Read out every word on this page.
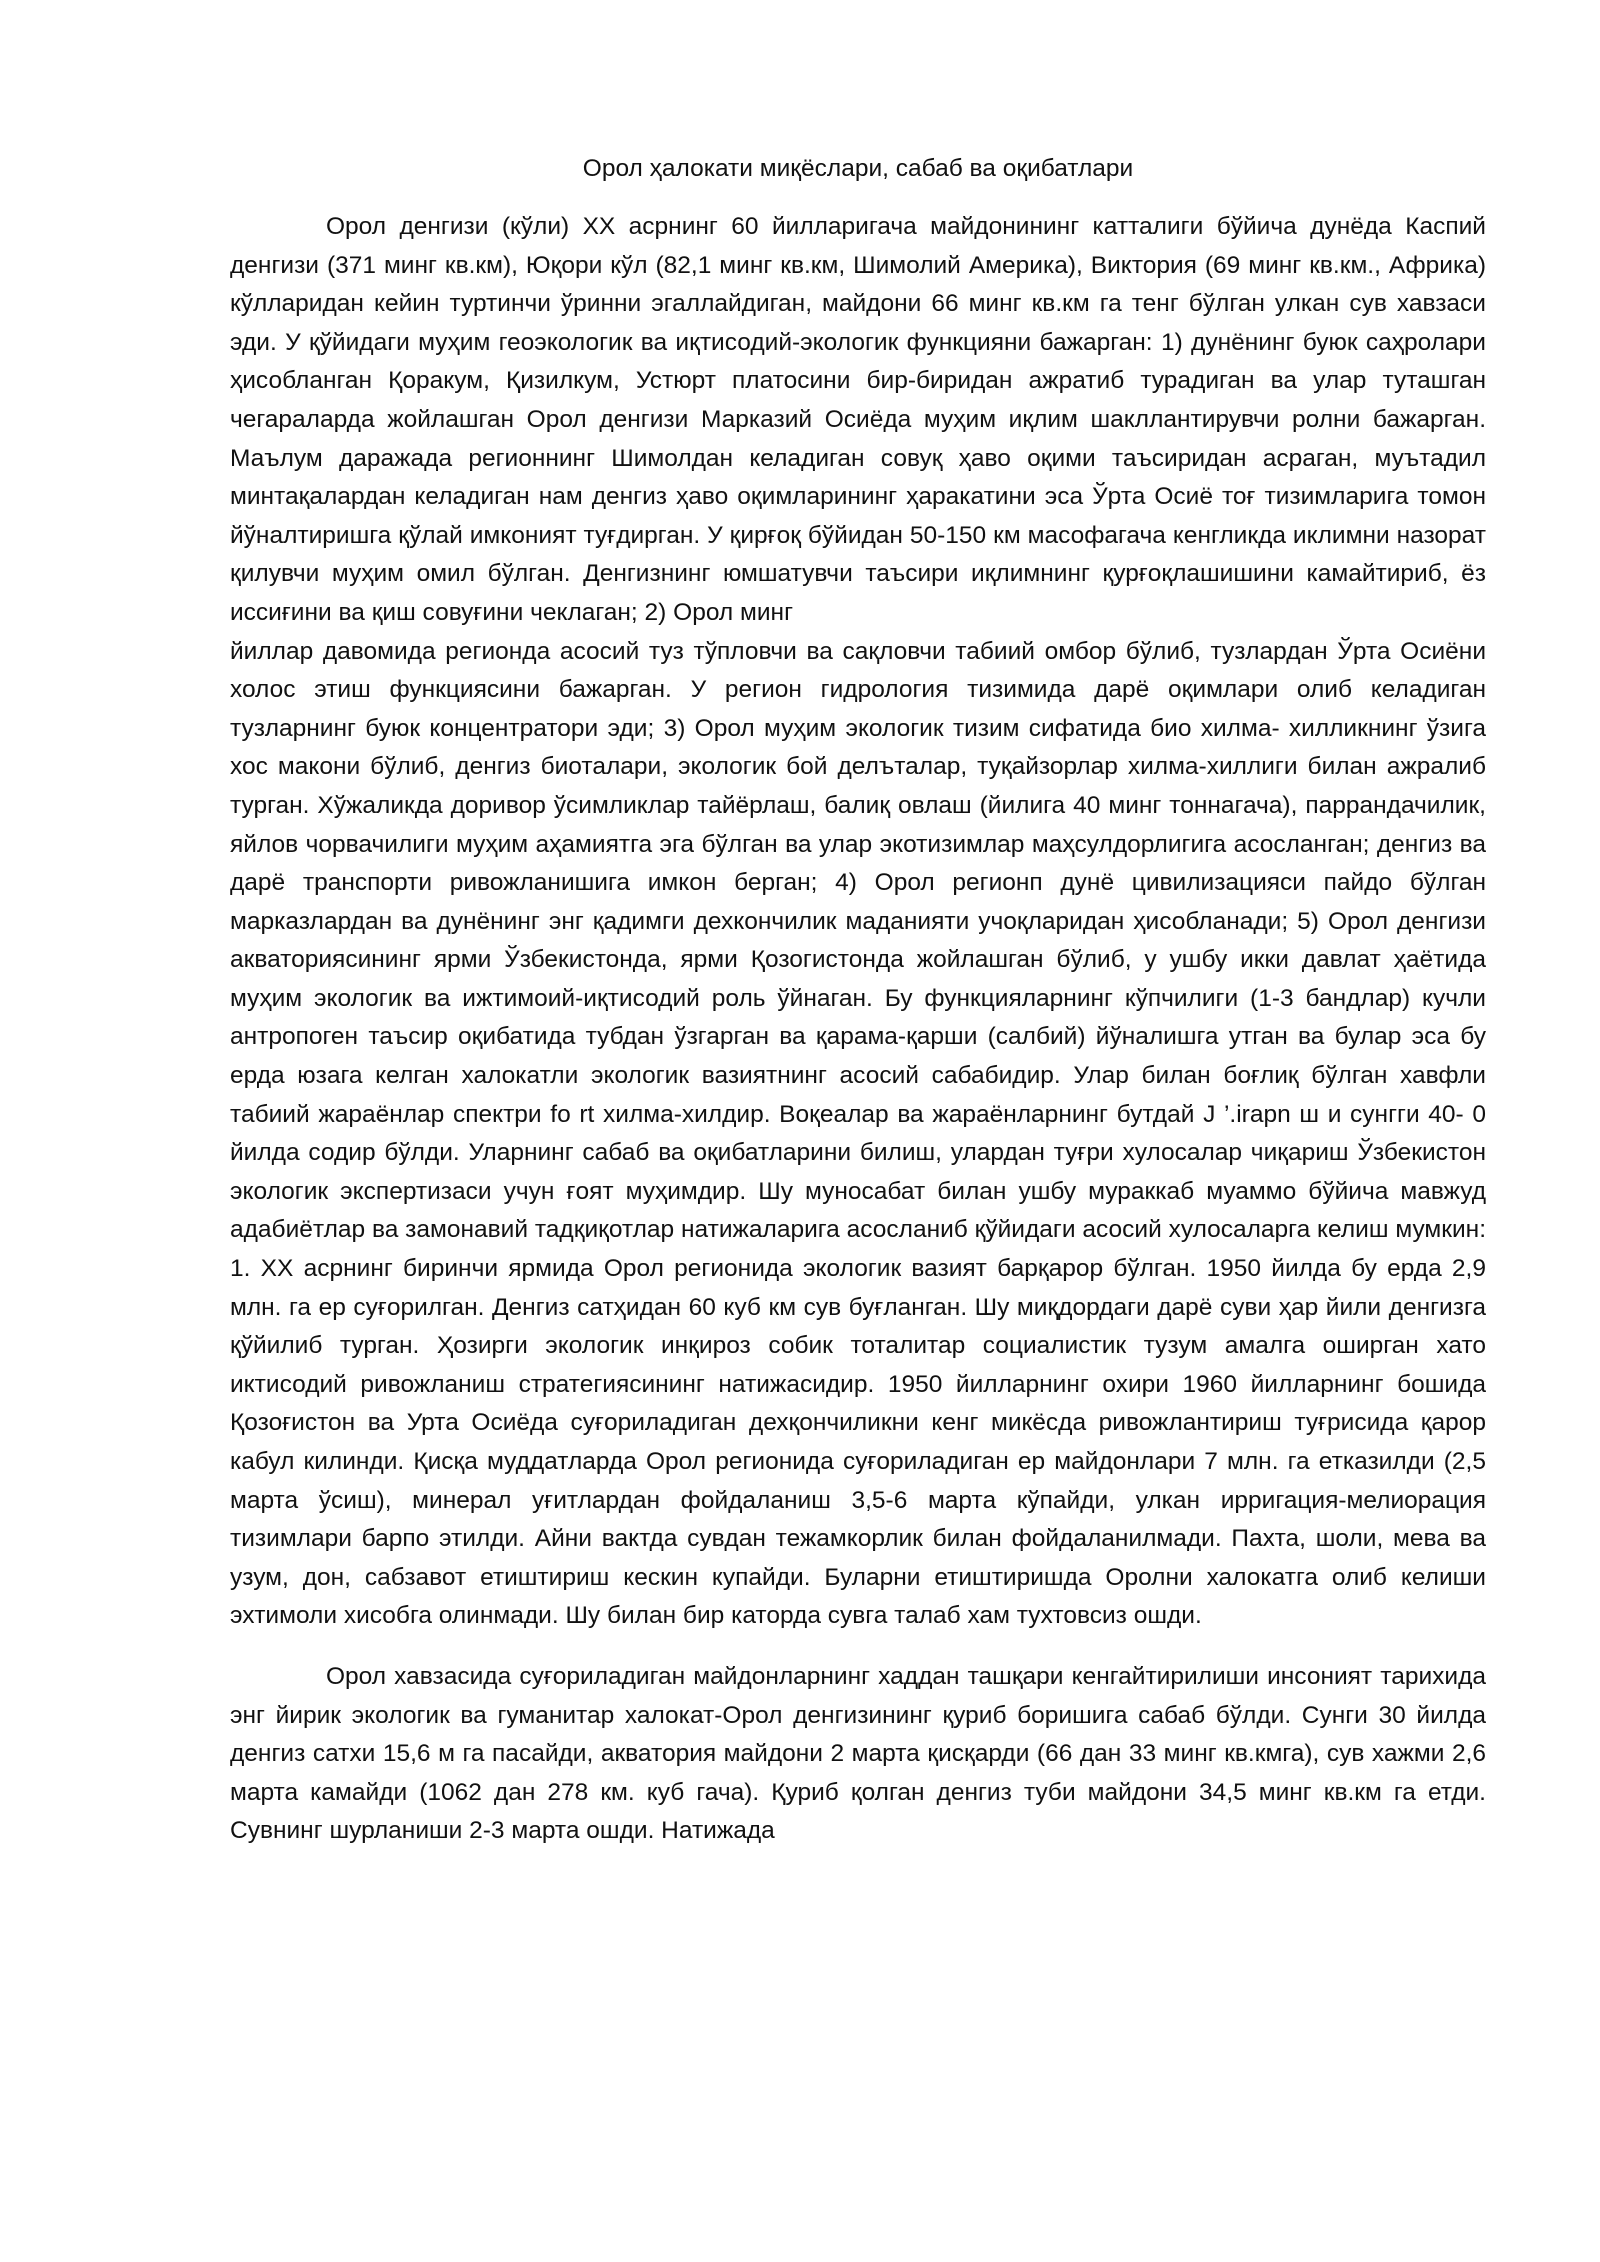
Орол ҳалокати миқёслари, сабаб ва оқибатлари

Орол денгизи (кўли) XX асрнинг 60 йилларигача майдонининг катталиги бўйича дунёда Каспий денгизи (371 минг кв.км), Юқори кўл (82,1 минг кв.км, Шимолий Америка), Виктория (69 минг кв.км., Африка) кўлларидан кейин туртинчи ўринни эгаллайдиган, майдони 66 минг кв.км га тенг бўлган улкан сув хавзаси эди. У қўйидаги муҳим геоэкологик ва иқтисодий-экологик функцияни бажарган: 1) дунёнинг буюк саҳролари ҳисобланган Қоракум, Қизилкум, Устюрт платосини бир-биридан ажратиб турадиган ва улар туташган чегараларда жойлашган Орол денгизи Марказий Осиёда муҳим иқлим шакллантирувчи ролни бажарган. Маълум даражада регионнинг Шимолдан келадиган совуқ ҳаво оқими таъсиридан асраган, муътадил минтақалардан келадиган нам денгиз ҳаво оқимларининг ҳаракатини эса Ўрта Осиё тоғ тизимларига томон йўналтиришга қўлай имконият туғдирган. У қирғоқ бўйидан 50-150 км масофагача кенгликда иклимни назорат қилувчи муҳим омил бўлган. Денгизнинг юмшатувчи таъсири иқлимнинг қурғоқлашишини камайтириб, ёз иссиғини ва қиш совуғини чеклаган; 2) Орол минг

йиллар давомида регионда асосий туз тўпловчи ва сақловчи табиий омбор бўлиб, тузлардан Ўрта Осиёни холос этиш функциясини бажарган. У регион гидрология тизимида дарё оқимлари олиб келадиган тузларнинг буюк концентратори эди; 3) Орол муҳим экологик тизим сифатида био хилма- хилликнинг ўзига хос макони бўлиб, денгиз биоталари, экологик бой делъталар, туқайзорлар хилма-хиллиги билан ажралиб турган. Хўжаликда доривор ўсимликлар тайёрлаш, балиқ овлаш (йилига 40 минг тоннагача), паррандачилик, яйлов чорвачилиги муҳим аҳамиятга эга бўлган ва улар экотизимлар маҳсулдорлигига асосланган; денгиз ва дарё транспорти ривожланишига имкон берган; 4) Орол регионп дунё цивилизацияси пайдо бўлган марказлардан ва дунёнинг энг қадимги дехкончилик маданияти учоқларидан ҳисобланади; 5) Орол денгизи акваториясининг ярми Ўзбекистонда, ярми Қозогистонда жойлашган бўлиб, у ушбу икки давлат ҳаётида муҳим экологик ва ижтимоий-иқтисодий роль ўйнаган. Бу функцияларнинг кўпчилиги (1-3 бандлар) кучли антропоген таъсир оқибатида тубдан ўзгарган ва қарама-қарши (салбий) йўналишга утган ва булар эса бу ерда юзага келган халокатли экологик вазиятнинг асосий сабабидир. Улар билан боғлиқ бўлган хавфли табиий жараёнлар спектри fo rt хилма-хилдир. Воқеалар ва жараёнларнинг бутдай J ’.irapn ш и сунгги 40- 0 йилда содир бўлди. Уларнинг сабаб ва оқибатларини билиш, улардан туғри хулосалар чиқариш Ўзбекистон экологик экспертизаси учун ғоят муҳимдир. Шу муносабат билан ушбу мураккаб муаммо бўйича мавжуд адабиётлар ва замонавий тадқиқотлар натижаларига асосланиб қўйидаги асосий хулосаларга келиш мумкин: 1. XX асрнинг биринчи ярмида Орол регионида экологик вазият барқарор бўлган. 1950 йилда бу ерда 2,9 млн. га ер суғорилган. Денгиз сатҳидан 60 куб км сув буғланган. Шу миқдордаги дарё суви ҳар йили денгизга қўйилиб турган. Ҳозирги экологик инқироз собик тоталитар социалистик тузум амалга оширган хато иктисодий ривожланиш стратегиясининг натижасидир. 1950 йилларнинг охири 1960 йилларнинг бошида Қозоғистон ва Урта Осиёда суғориладиган дехқончиликни кенг микёсда ривожлантириш туғрисида қарор кабул килинди. Қисқа муддатларда Орол регионида суғориладиган ер майдонлари 7 млн. га етказилди (2,5 марта ўсиш), минерал уғитлардан фойдаланиш 3,5-6 марта кўпайди, улкан ирригация-мелиорация тизимлари барпо этилди. Айни вактда сувдан тежамкорлик билан фойдаланилмади. Пахта, шоли, мева ва узум, дон, сабзавот етиштириш кескин купайди. Буларни етиштиришда Оролни халокатга олиб келиши эхтимоли хисобга олинмади. Шу билан бир каторда сувга талаб хам тухтовсиз ошди.

Орол хавзасида суғориладиган майдонларнинг хаддан ташқари кенгайтирилиши инсоният тарихида энг йирик экологик ва гуманитар халокат-Орол денгизининг қуриб боришига сабаб бўлди. Сунги 30 йилда денгиз сатхи 15,6 м га пасайди, акватория майдони 2 марта қисқарди (66 дан 33 минг кв.кмга), сув хажми 2,6 марта камайди (1062 дан 278 км. куб гача). Қуриб қолган денгиз туби майдони 34,5 минг кв.км га етди. Сувнинг шурланиши 2-3 марта ошди. Натижада
